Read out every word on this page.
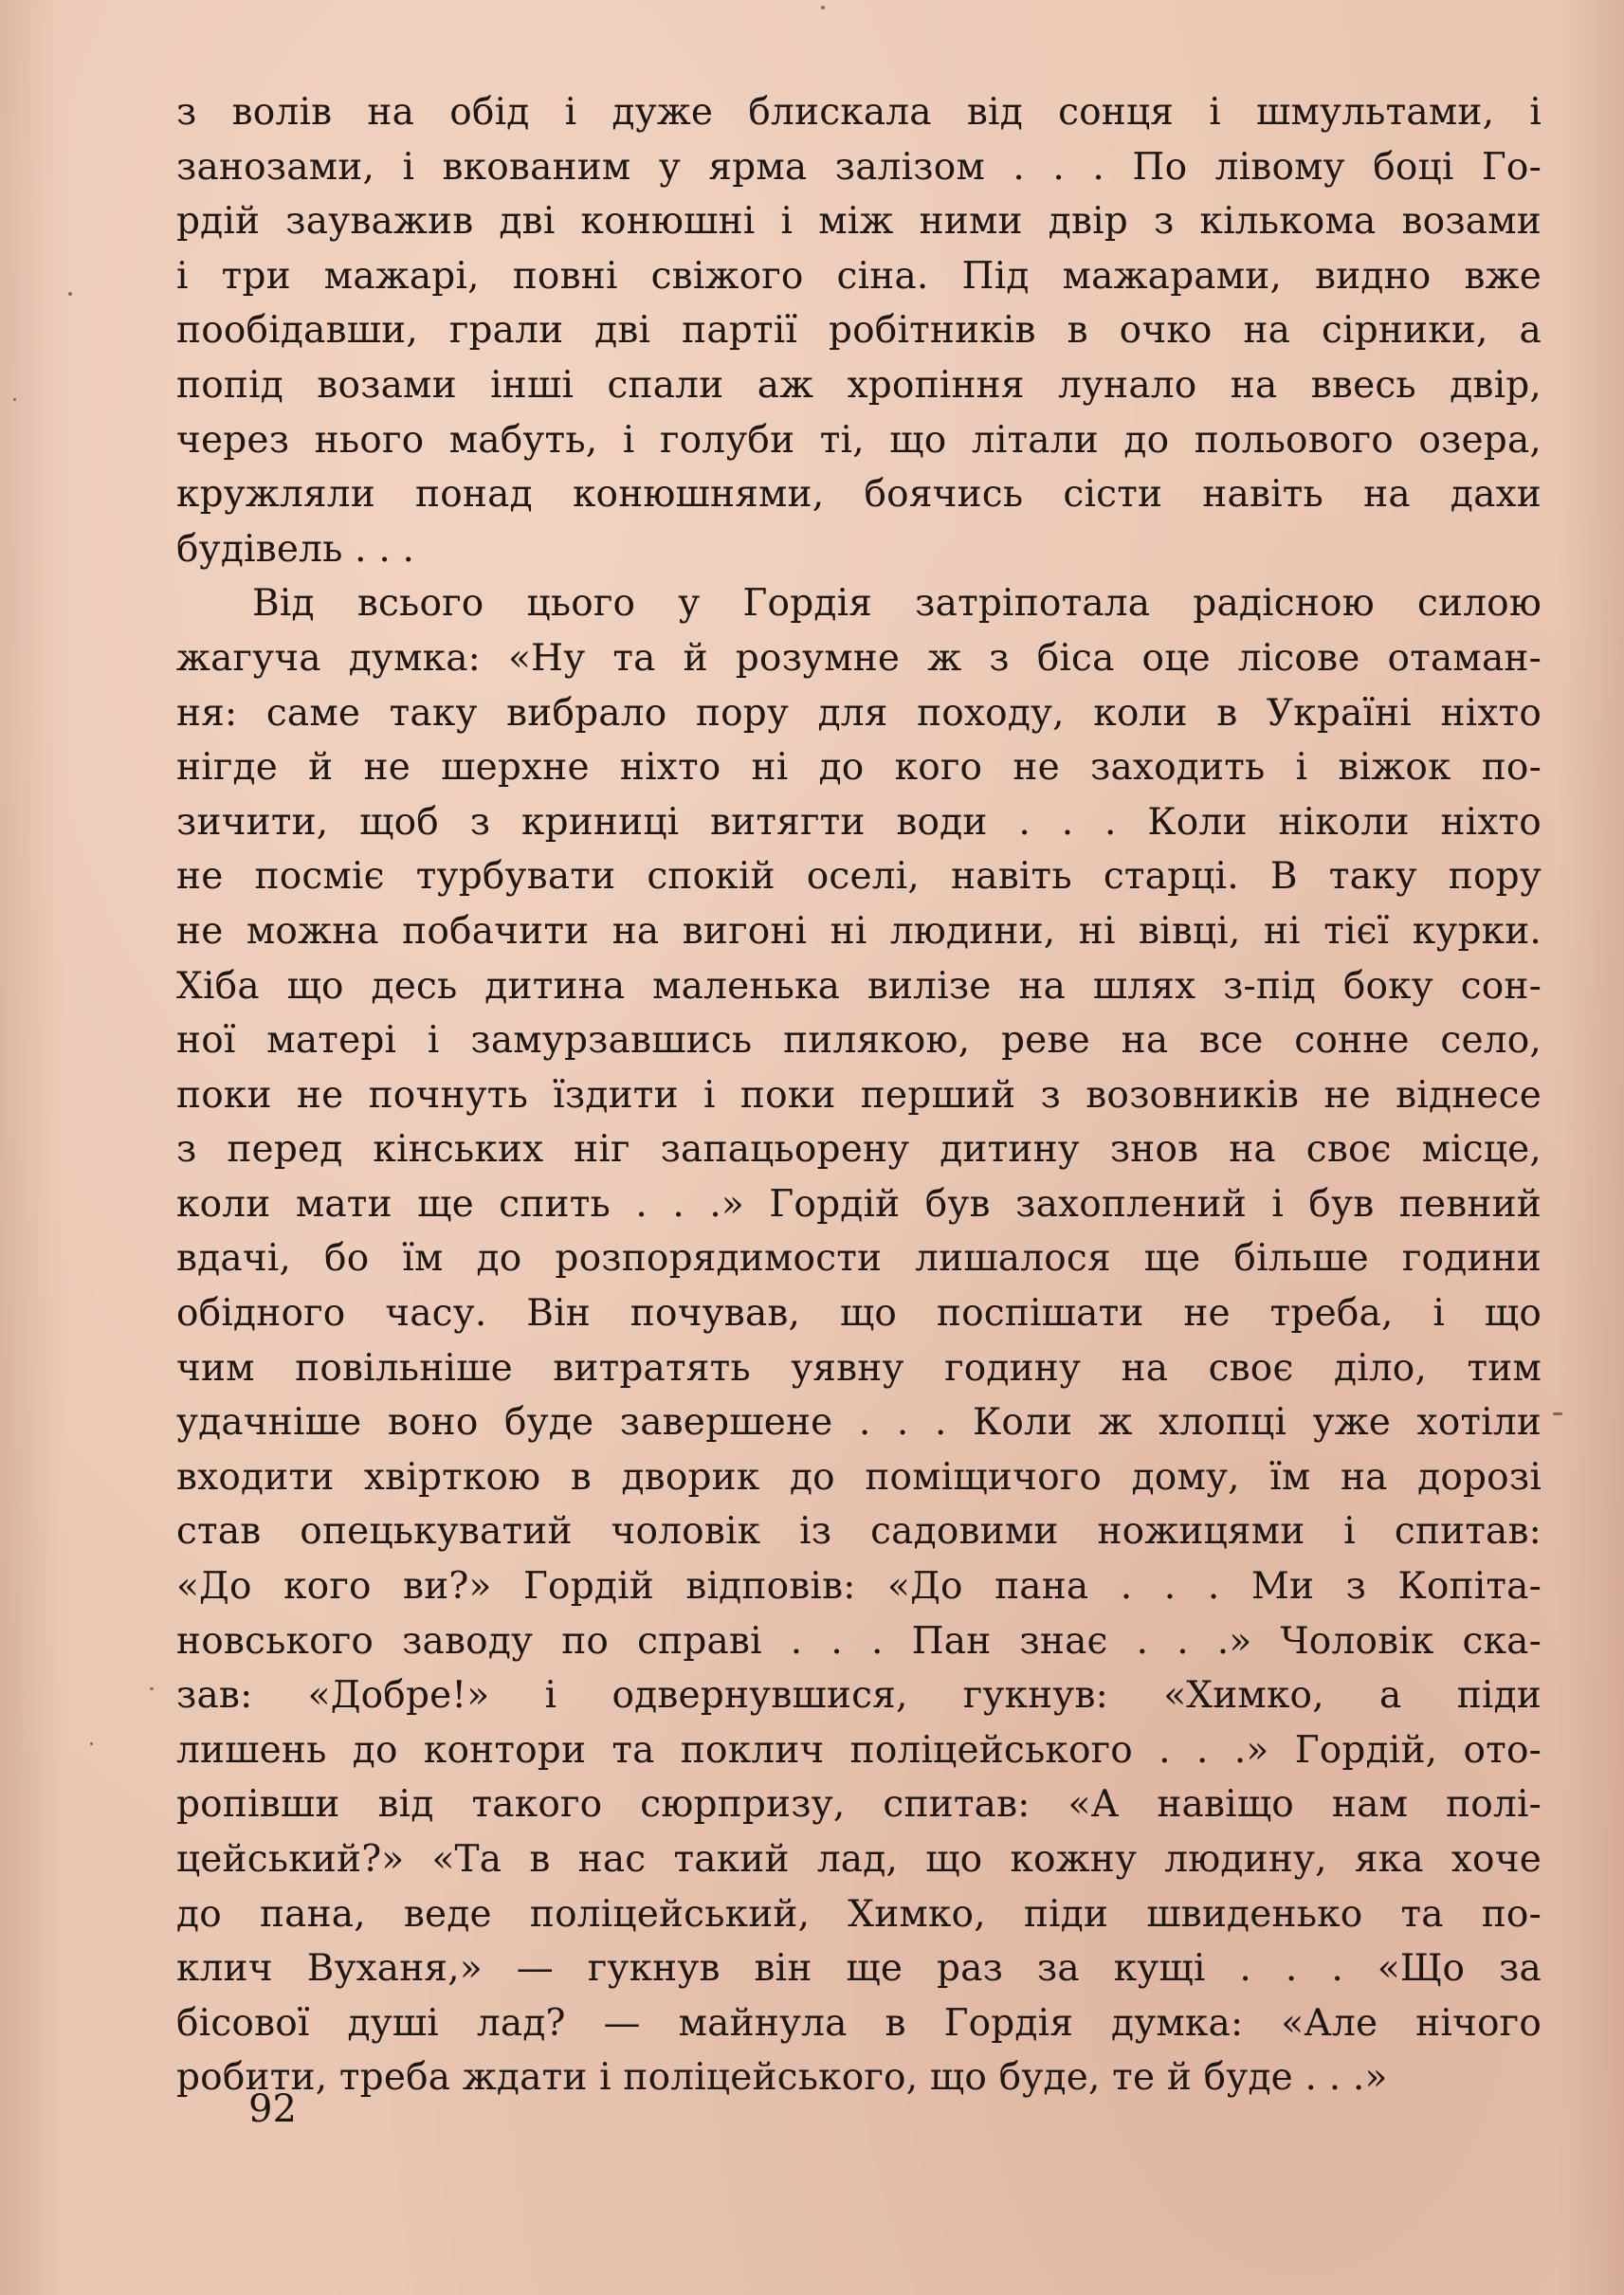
з волів на обід і дуже блискала від сонця і шмультами, і
занозами, і вкованим у ярма залізом . . . По лівому боці Го-
рдій зауважив дві конюшні і між ними двір з кількома возами
і три мажарі, повні свіжого сіна. Під мажарами, видно вже
пообідавши, грали дві партії робітників в очко на сірники, а
попід возами інші спали аж хропіння лунало на ввесь двір,
через нього мабуть, і голуби ті, що літали до польового озера,
кружляли понад конюшнями, боячись сісти навіть на дахи
будівель . . .
Від всього цього у Гордія затріпотала радісною силою
жагуча думка: «Ну та й розумне ж з біса оце лісове отаман-
ня: саме таку вибрало пору для походу, коли в Україні ніхто
нігде й не шерхне ніхто ні до кого не заходить і віжок по-
зичити, щоб з криниці витягти води . . . Коли ніколи ніхто
не посміє турбувати спокій оселі, навіть старці. В таку пору
не можна побачити на вигоні ні людини, ні вівці, ні тієї курки.
Хіба що десь дитина маленька вилізе на шлях з-під боку сон-
ної матері і замурзавшись пилякою, реве на все сонне село,
поки не почнуть їздити і поки перший з возовників не віднесе
з перед кінських ніг запацьорену дитину знов на своє місце,
коли мати ще спить . . .» Гордій був захоплений і був певний
вдачі, бо їм до розпорядимости лишалося ще більше години
обідного часу. Він почував, що поспішати не треба, і що
чим повільніше витратять уявну годину на своє діло, тим
удачніше воно буде завершене . . . Коли ж хлопці уже хотіли
входити хвірткою в дворик до поміщичого дому, їм на дорозі
став опецькуватий чоловік із садовими ножицями і спитав:
«До кого ви?» Гордій відповів: «До пана . . . Ми з Копіта-
новського заводу по справі . . . Пан знає . . .» Чоловік ска-
зав: «Добре!» і одвернувшися, гукнув: «Химко, а піди
лишень до контори та поклич поліцейського . . .» Гордій, ото-
ропівши від такого сюрпризу, спитав: «А навіщо нам полі-
цейський?» «Та в нас такий лад, що кожну людину, яка хоче
до пана, веде поліцейський, Химко, піди швиденько та по-
клич Вуханя,» — гукнув він ще раз за кущі . . . «Що за
бісової душі лад? — майнула в Гордія думка: «Але нічого
робити, треба ждати і поліцейського, що буде, те й буде . . .»
92
